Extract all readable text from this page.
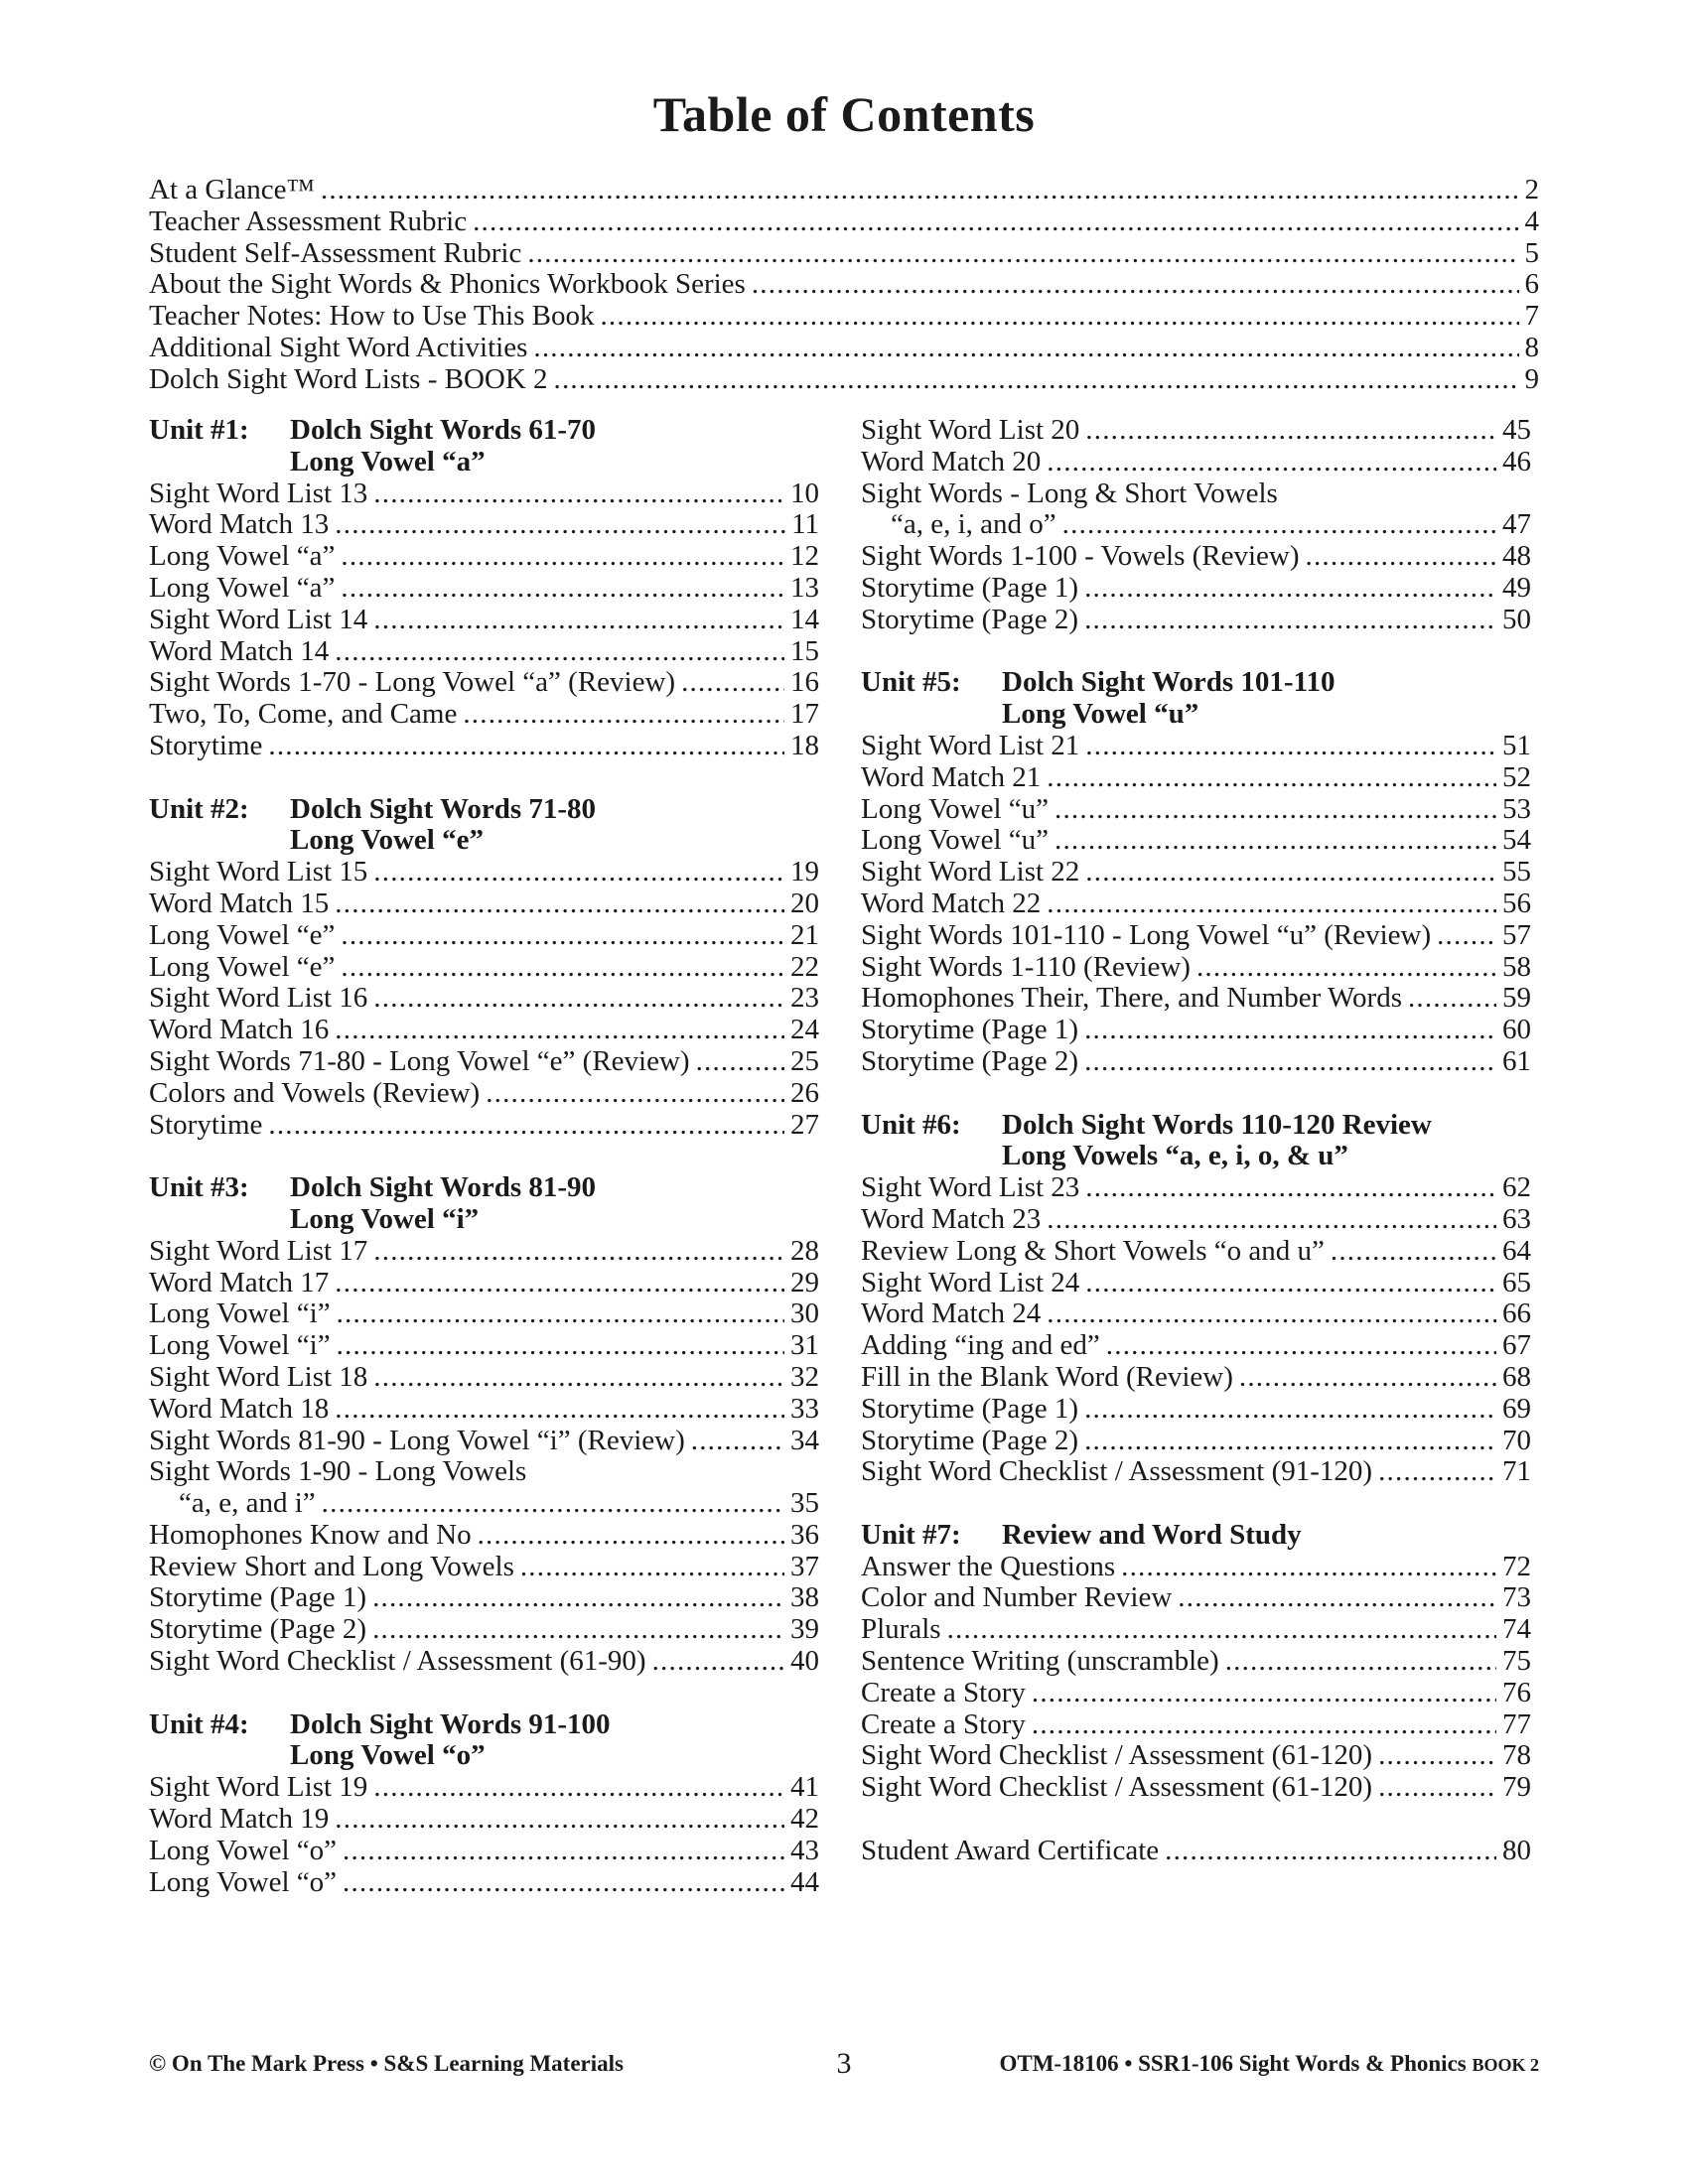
Table of Contents
At a Glance™ .....	2
Teacher Assessment Rubric .....	4
Student Self-Assessment Rubric .....	5
About the Sight Words & Phonics Workbook Series .....	6
Teacher Notes: How to Use This Book .....	7
Additional Sight Word Activities .....	8
Dolch Sight Word Lists - BOOK 2 .....	9
Unit #1:	Dolch Sight Words 61-70
Long Vowel “a”
Sight Word List 13 .....	10
Word Match 13 .....	11
Long Vowel “a” .....	12
Long Vowel “a” .....	13
Sight Word List 14 .....	14
Word Match 14 .....	15
Sight Words 1-70 - Long Vowel “a” (Review) .....	16
Two, To, Come, and Came .....	17
Storytime .....	18
Unit #2:	Dolch Sight Words 71-80
Long Vowel “e”
Sight Word List 15 .....	19
Word Match 15 .....	20
Long Vowel “e” .....	21
Long Vowel “e” .....	22
Sight Word List 16 .....	23
Word Match 16 .....	24
Sight Words 71-80 - Long Vowel “e” (Review) .....	25
Colors and Vowels (Review) .....	26
Storytime .....	27
Unit #3:	Dolch Sight Words 81-90
Long Vowel “i”
Sight Word List 17 .....	28
Word Match 17 .....	29
Long Vowel “i” .....	30
Long Vowel “i” .....	31
Sight Word List 18 .....	32
Word Match 18 .....	33
Sight Words 81-90 - Long Vowel “i” (Review) .....	34
Sight Words 1-90 - Long Vowels
“a, e, and i” .....	35
Homophones Know and No .....	36
Review Short and Long Vowels .....	37
Storytime (Page 1) .....	38
Storytime (Page 2) .....	39
Sight Word Checklist / Assessment (61-90) .....	40
Unit #4:	Dolch Sight Words 91-100
Long Vowel “o”
Sight Word List 19 .....	41
Word Match 19 .....	42
Long Vowel “o” .....	43
Long Vowel “o” .....	44
Sight Word List 20 .....	45
Word Match 20 .....	46
Sight Words - Long & Short Vowels
“a, e, i, and o” .....	47
Sight Words 1-100 - Vowels (Review) .....	48
Storytime (Page 1) .....	49
Storytime (Page 2) .....	50
Unit #5:	Dolch Sight Words 101-110
Long Vowel “u”
Sight Word List 21 .....	51
Word Match 21 .....	52
Long Vowel “u” .....	53
Long Vowel “u” .....	54
Sight Word List 22 .....	55
Word Match 22 .....	56
Sight Words 101-110 - Long Vowel “u” (Review) ..... 57
Sight Words 1-110 (Review) .....	58
Homophones Their, There, and Number Words .....	59
Storytime (Page 1) .....	60
Storytime (Page 2) .....	61
Unit #6:	Dolch Sight Words 110-120 Review
Long Vowels “a, e, i, o, & u”
Sight Word List 23 .....	62
Word Match 23 .....	63
Review Long & Short Vowels “o and u” .....	64
Sight Word List 24 .....	65
Word Match 24 .....	66
Adding “ing and ed” .....	67
Fill in the Blank Word (Review) .....	68
Storytime (Page 1) .....	69
Storytime (Page 2) .....	70
Sight Word Checklist / Assessment (91-120) .....	71
Unit #7:	Review and Word Study
Answer the Questions .....	72
Color and Number Review .....	73
Plurals .....	74
Sentence Writing (unscramble) .....	75
Create a Story .....	76
Create a Story .....	77
Sight Word Checklist / Assessment (61-120) .....	78
Sight Word Checklist / Assessment (61-120) .....	79
Student Award Certificate .....	80
© On The Mark Press • S&S Learning Materials	3	OTM-18106 • SSR1-106 Sight Words & Phonics BOOK 2
